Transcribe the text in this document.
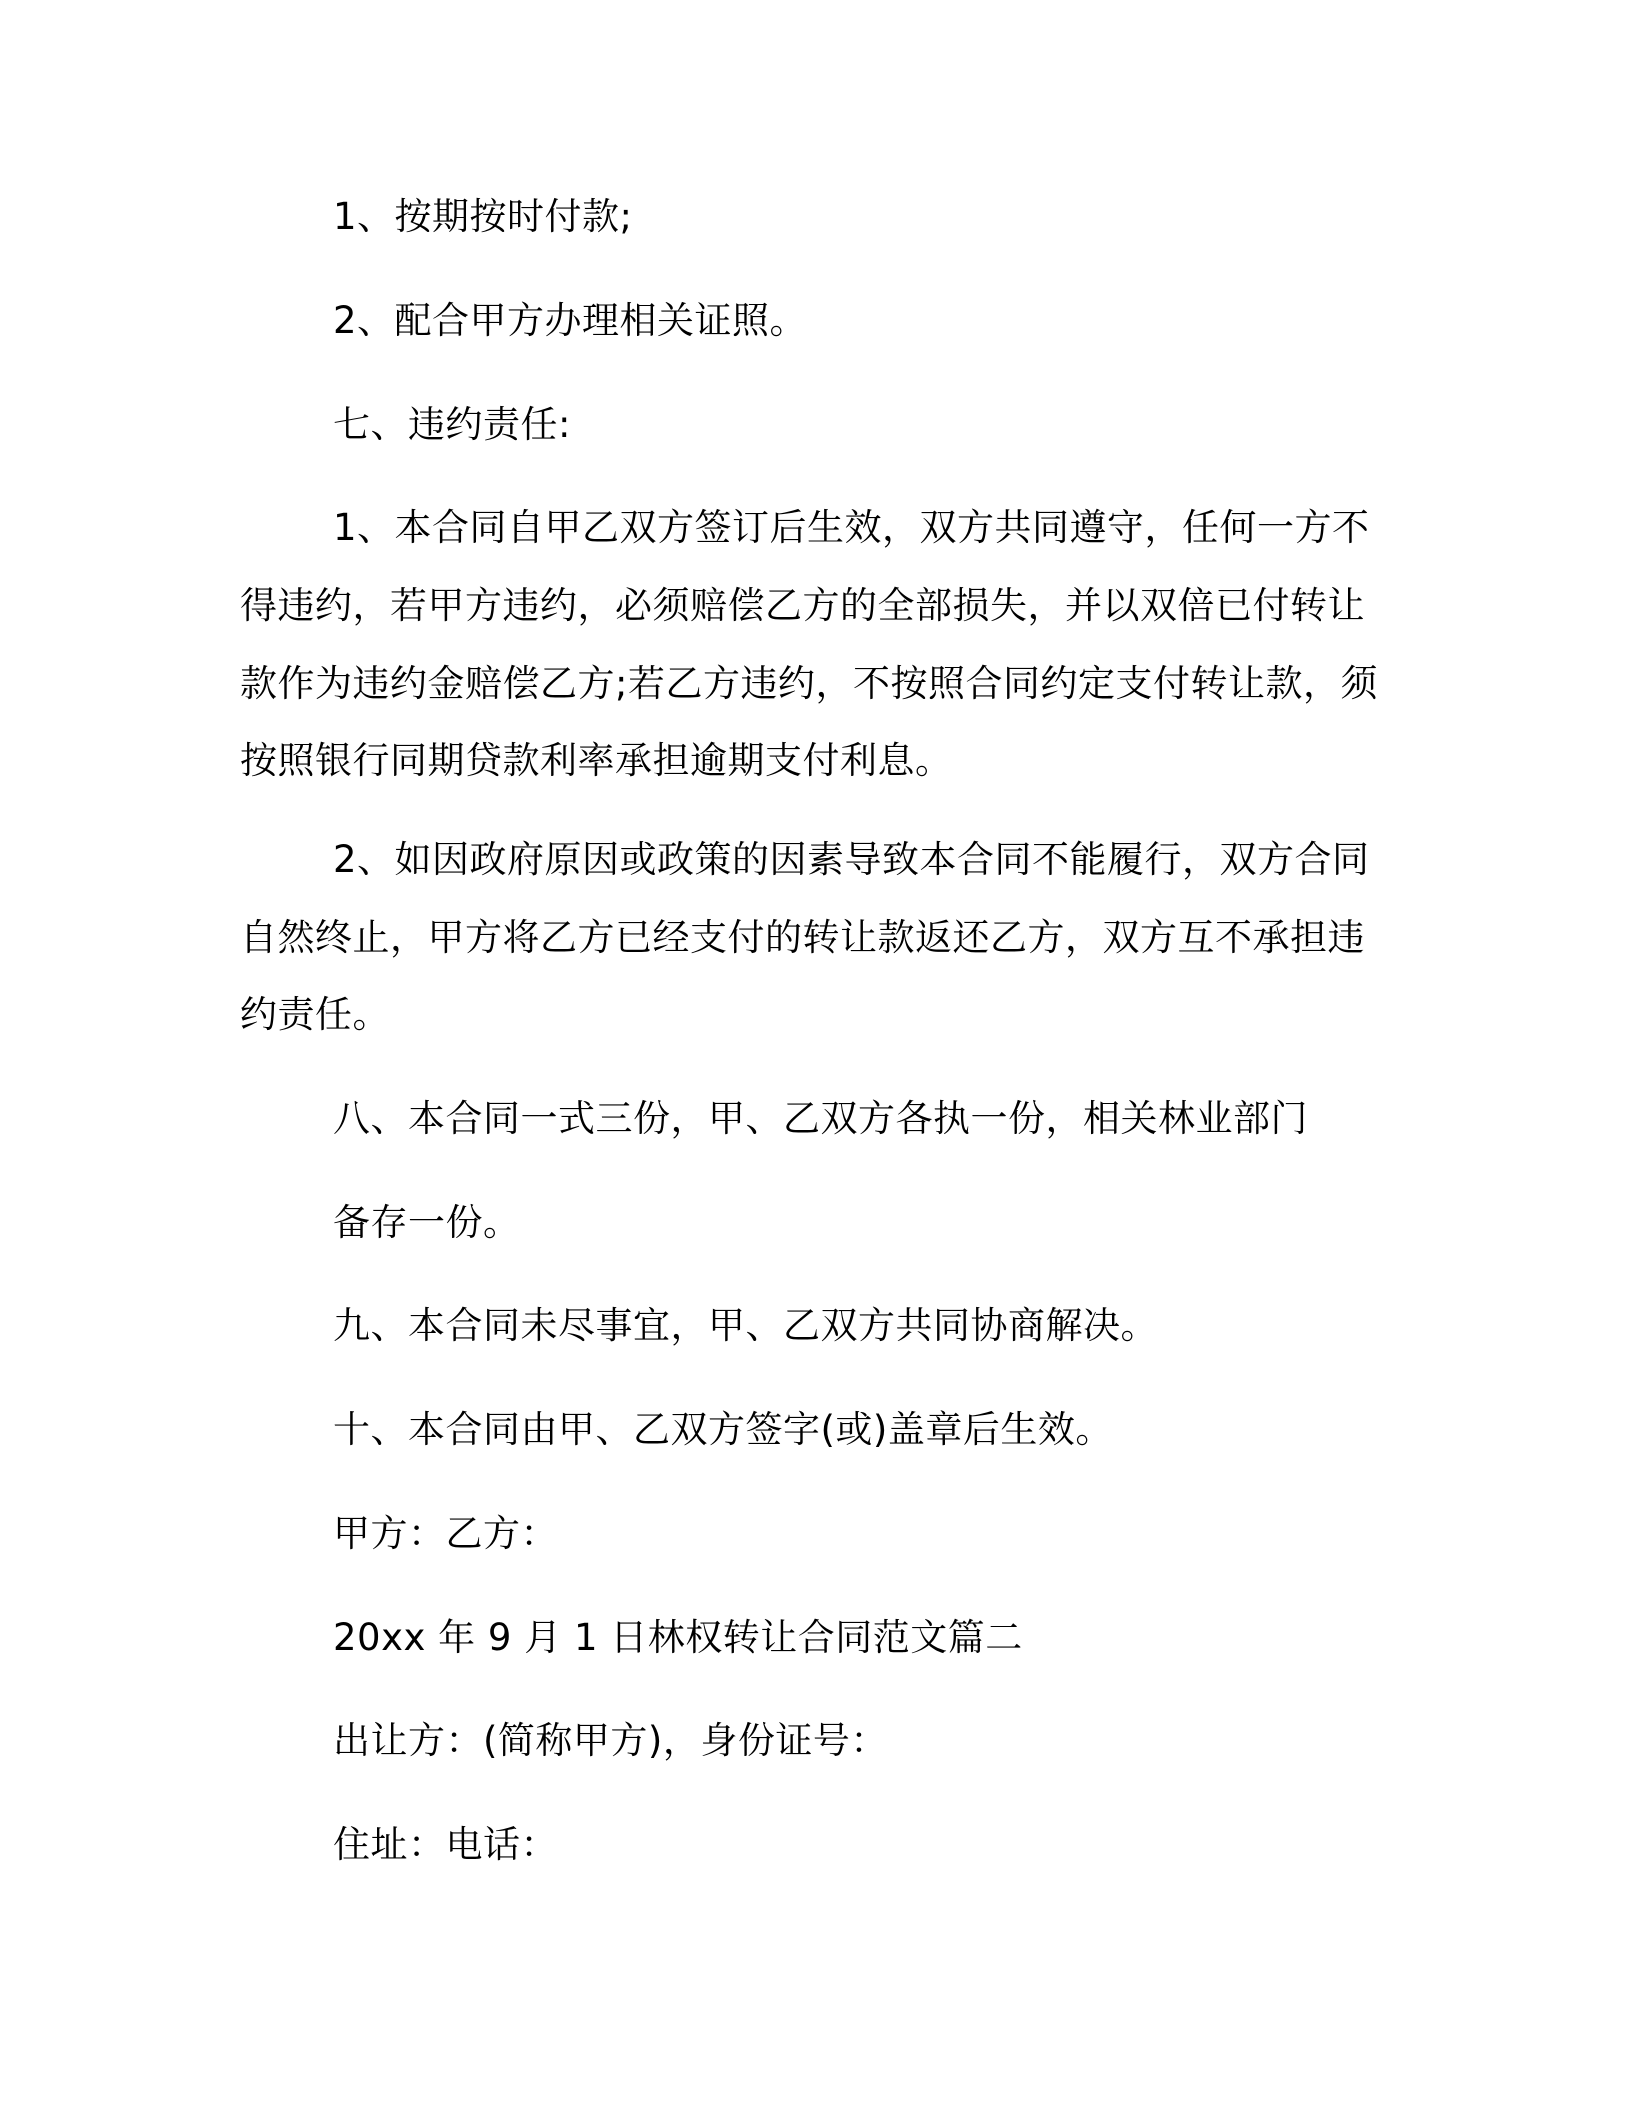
1、按期按时付款;
2、配合甲方办理相关证照。
七、违约责任:
1、本合同自甲乙双方签订后生效，双方共同遵守，任何一方不
得违约，若甲方违约，必须赔偿乙方的全部损失，并以双倍已付转让
款作为违约金赔偿乙方;若乙方违约，不按照合同约定支付转让款，须
按照银行同期贷款利率承担逾期支付利息。
2、如因政府原因或政策的因素导致本合同不能履行，双方合同
自然终止，甲方将乙方已经支付的转让款返还乙方，双方互不承担违
约责任。
八、本合同一式三份，甲、乙双方各执一份，相关林业部门
备存一份。
九、本合同未尽事宜，甲、乙双方共同协商解决。
十、本合同由甲、乙双方签字(或)盖章后生效。
甲方：乙方：
20xx 年 9 月 1 日林权转让合同范文篇二
出让方：(简称甲方)，身份证号：
住址：电话：
